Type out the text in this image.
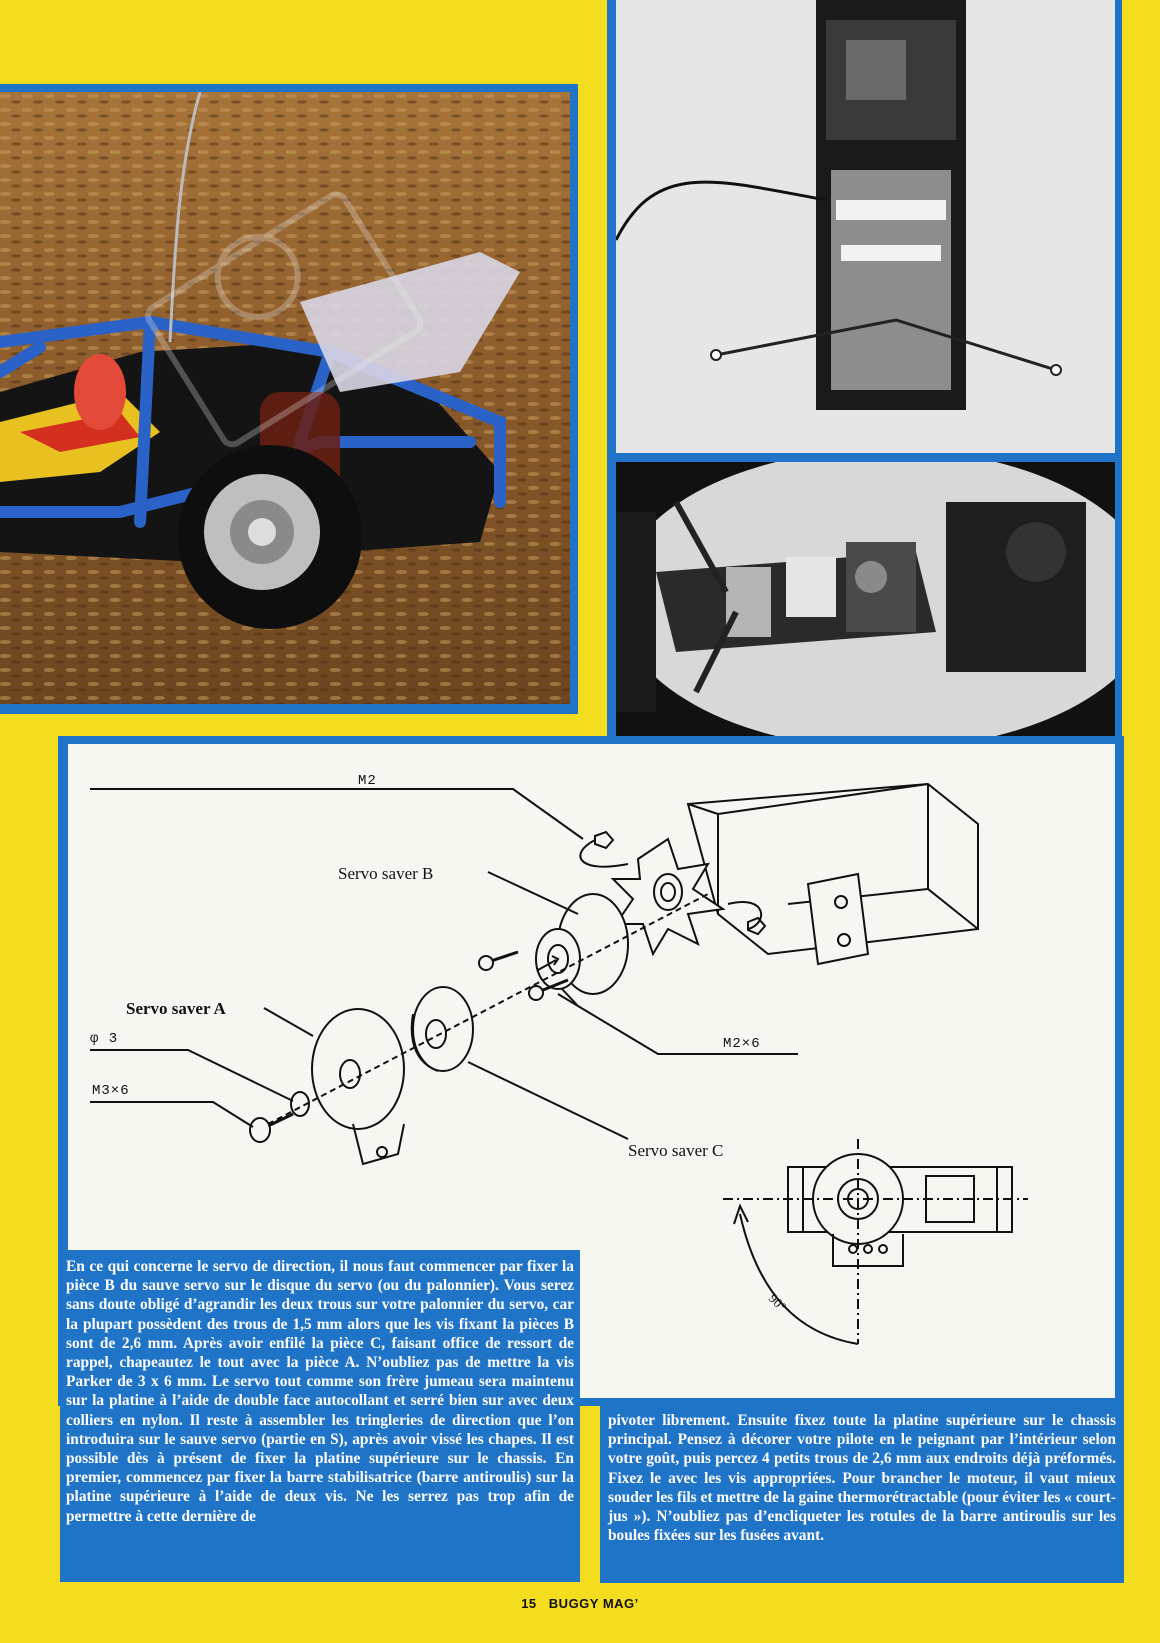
M2
Servo saver B
Servo saver A
φ 3
M3×6
M2×6
Servo saver C
90°
En ce qui concerne le servo de direction, il nous faut commencer par fixer la pièce B du sauve servo sur le disque du servo (ou du palonnier). Vous serez sans doute obligé d’agrandir les deux trous sur votre palonnier du servo, car la plupart possèdent des trous de 1,5 mm alors que les vis fixant la pièces B sont de 2,6 mm. Après avoir enfilé la pièce C, faisant office de ressort de rappel, chapeautez le tout avec la pièce A. N’oubliez pas de mettre la vis Parker de 3 x 6 mm. Le servo tout comme son frère jumeau sera maintenu sur la platine à l’aide de double face autocollant et serré bien sur avec deux colliers en nylon. Il reste à assembler les tringleries de direction que l’on introduira sur le sauve servo (partie en S), après avoir vissé les chapes. Il est possible dès à présent de fixer la platine supérieure sur le chassis. En premier, commencez par fixer la barre stabilisatrice (barre antiroulis) sur la platine supérieure à l’aide de deux vis. Ne les serrez pas trop afin de permettre à cette dernière de
pivoter librement. Ensuite fixez toute la platine supérieure sur le chassis principal. Pensez à décorer votre pilote en le peignant par l’intérieur selon votre goût, puis percez 4 petits trous de 2,6 mm aux endroits déjà préformés. Fixez le avec les vis appropriées. Pour brancher le moteur, il vaut mieux souder les fils et mettre de la gaine thermorétractable (pour éviter les « court-jus »). N’oubliez pas d’encliqueter les rotules de la barre antiroulis sur les boules fixées sur les fusées avant.
15 BUGGY MAG’
